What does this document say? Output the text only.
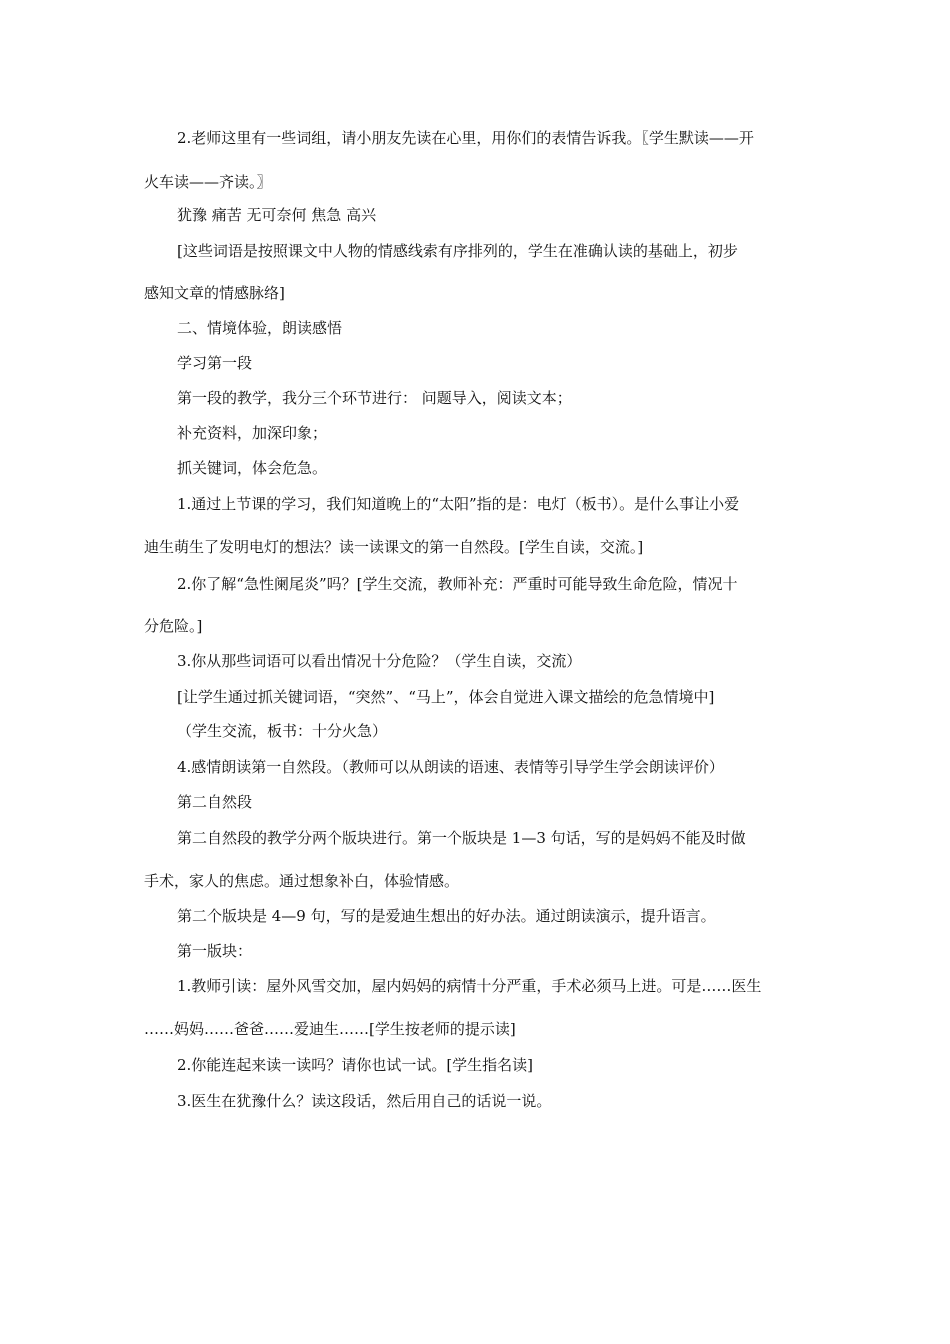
2.老师这里有一些词组，请小朋友先读在心里，用你们的表情告诉我。〖学生默读——开

火车读——齐读。〗

犹豫 痛苦 无可奈何 焦急 高兴

[这些词语是按照课文中人物的情感线索有序排列的，学生在准确认读的基础上，初步

感知文章的情感脉络]

二、情境体验，朗读感悟

学习第一段

第一段的教学，我分三个环节进行： 问题导入，阅读文本；

补充资料，加深印象；

抓关键词，体会危急。

1.通过上节课的学习，我们知道晚上的“太阳”指的是：电灯（板书）。是什么事让小爱

迪生萌生了发明电灯的想法？读一读课文的第一自然段。[学生自读，交流。]

2.你了解“急性阑尾炎”吗？[学生交流，教师补充：严重时可能导致生命危险，情况十

分危险。]

3.你从那些词语可以看出情况十分危险？（学生自读，交流）

[让学生通过抓关键词语，“突然”、“马上”，体会自觉进入课文描绘的危急情境中]

（学生交流，板书：十分火急）

4.感情朗读第一自然段。（教师可以从朗读的语速、表情等引导学生学会朗读评价）

第二自然段

第二自然段的教学分两个版块进行。第一个版块是 1—3 句话，写的是妈妈不能及时做

手术，家人的焦虑。通过想象补白，体验情感。

第二个版块是 4—9 句，写的是爱迪生想出的好办法。通过朗读演示，提升语言。

第一版块：

1.教师引读：屋外风雪交加，屋内妈妈的病情十分严重，手术必须马上进。可是……医生

……妈妈……爸爸……爱迪生……[学生按老师的提示读]

2.你能连起来读一读吗？请你也试一试。[学生指名读]

3.医生在犹豫什么？读这段话，然后用自己的话说一说。
